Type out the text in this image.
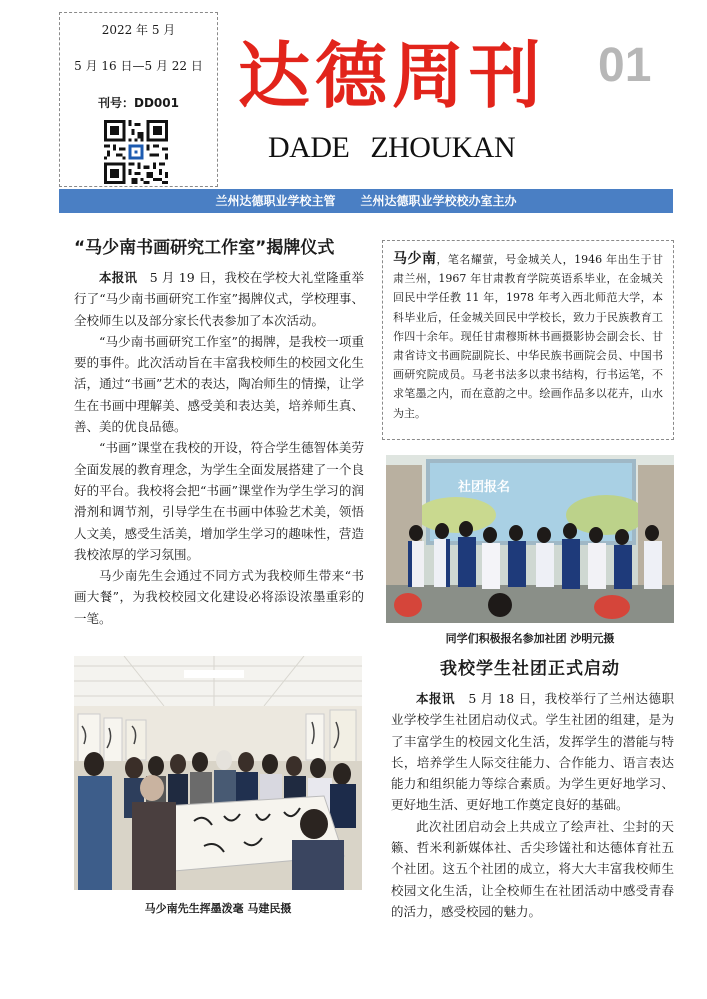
2022 年 5 月
5 月 16 日—5 月 22 日
刊号：DD001 达德周刊	01
DADE   ZHOUKAN
兰州达德职业学校主管      兰州达德职业学校校办室主办
“马少南书画研究工作室”揭牌仪式

本报讯 5 月 19 日，我校在学校大礼堂隆重举行了“马少南书画研究工作室”揭牌仪式，学校理事、全校师生以及部分家长代表参加了本次活动。

“马少南书画研究工作室”的揭牌，是我校一项重要的事件。此次活动旨在丰富我校师生的校园文化生活，通过“书画”艺术的表达，陶冶师生的情操，让学生在书画中理解美、感受美和表达美，培养师生真、善、美的优良品德。

“书画”课堂在我校的开设，符合学生德智体美劳全面发展的教育理念，为学生全面发展搭建了一个良好的平台。我校将会把“书画”课堂作为学生学习的润滑剂和调节剂，引导学生在书画中体验艺术美，领悟人文美，感受生活美，增加学生学习的趣味性，营造我校浓厚的学习氛围。

马少南先生会通过不同方式为我校师生带来“书画大餐”，为我校校园文化建设必将添设浓墨重彩的一笔。

马少南先生挥墨泼毫 马建民摄
马少南，笔名耀萤，号金城关人，1946 年出生于甘肃兰州，1967 年甘肃教育学院英语系毕业，在金城关回民中学任教 11 年，1978 年考入西北师范大学，本科毕业后，任金城关回民中学校长，致力于民族教育工作四十余年。现任甘肃穆斯林书画摄影协会副会长、甘肃省诗文书画院副院长、中华民族书画院会员、中国书画研究院成员。马老书法多以隶书结构，行书运笔，不求笔墨之内，而在意韵之中。绘画作品多以花卉，山水为主。
社团报名
同学们积极报名参加社团 沙明元摄
我校学生社团正式启动

本报讯 5 月 18 日，我校举行了兰州达德职业学校学生社团启动仪式。学生社团的组建，是为了丰富学生的校园文化生活，发挥学生的潜能与特长，培养学生人际交往能力、合作能力、语言表达能力和组织能力等综合素质。为学生更好地学习、更好地生活、更好地工作奠定良好的基础。

此次社团启动会上共成立了绘声社、尘封的天籁、哲米利新媒体社、舌尖珍馐社和达德体育社五个社团。这五个社团的成立，将大大丰富我校师生校园文化生活，让全校师生在社团活动中感受青春的活力，感受校园的魅力。
